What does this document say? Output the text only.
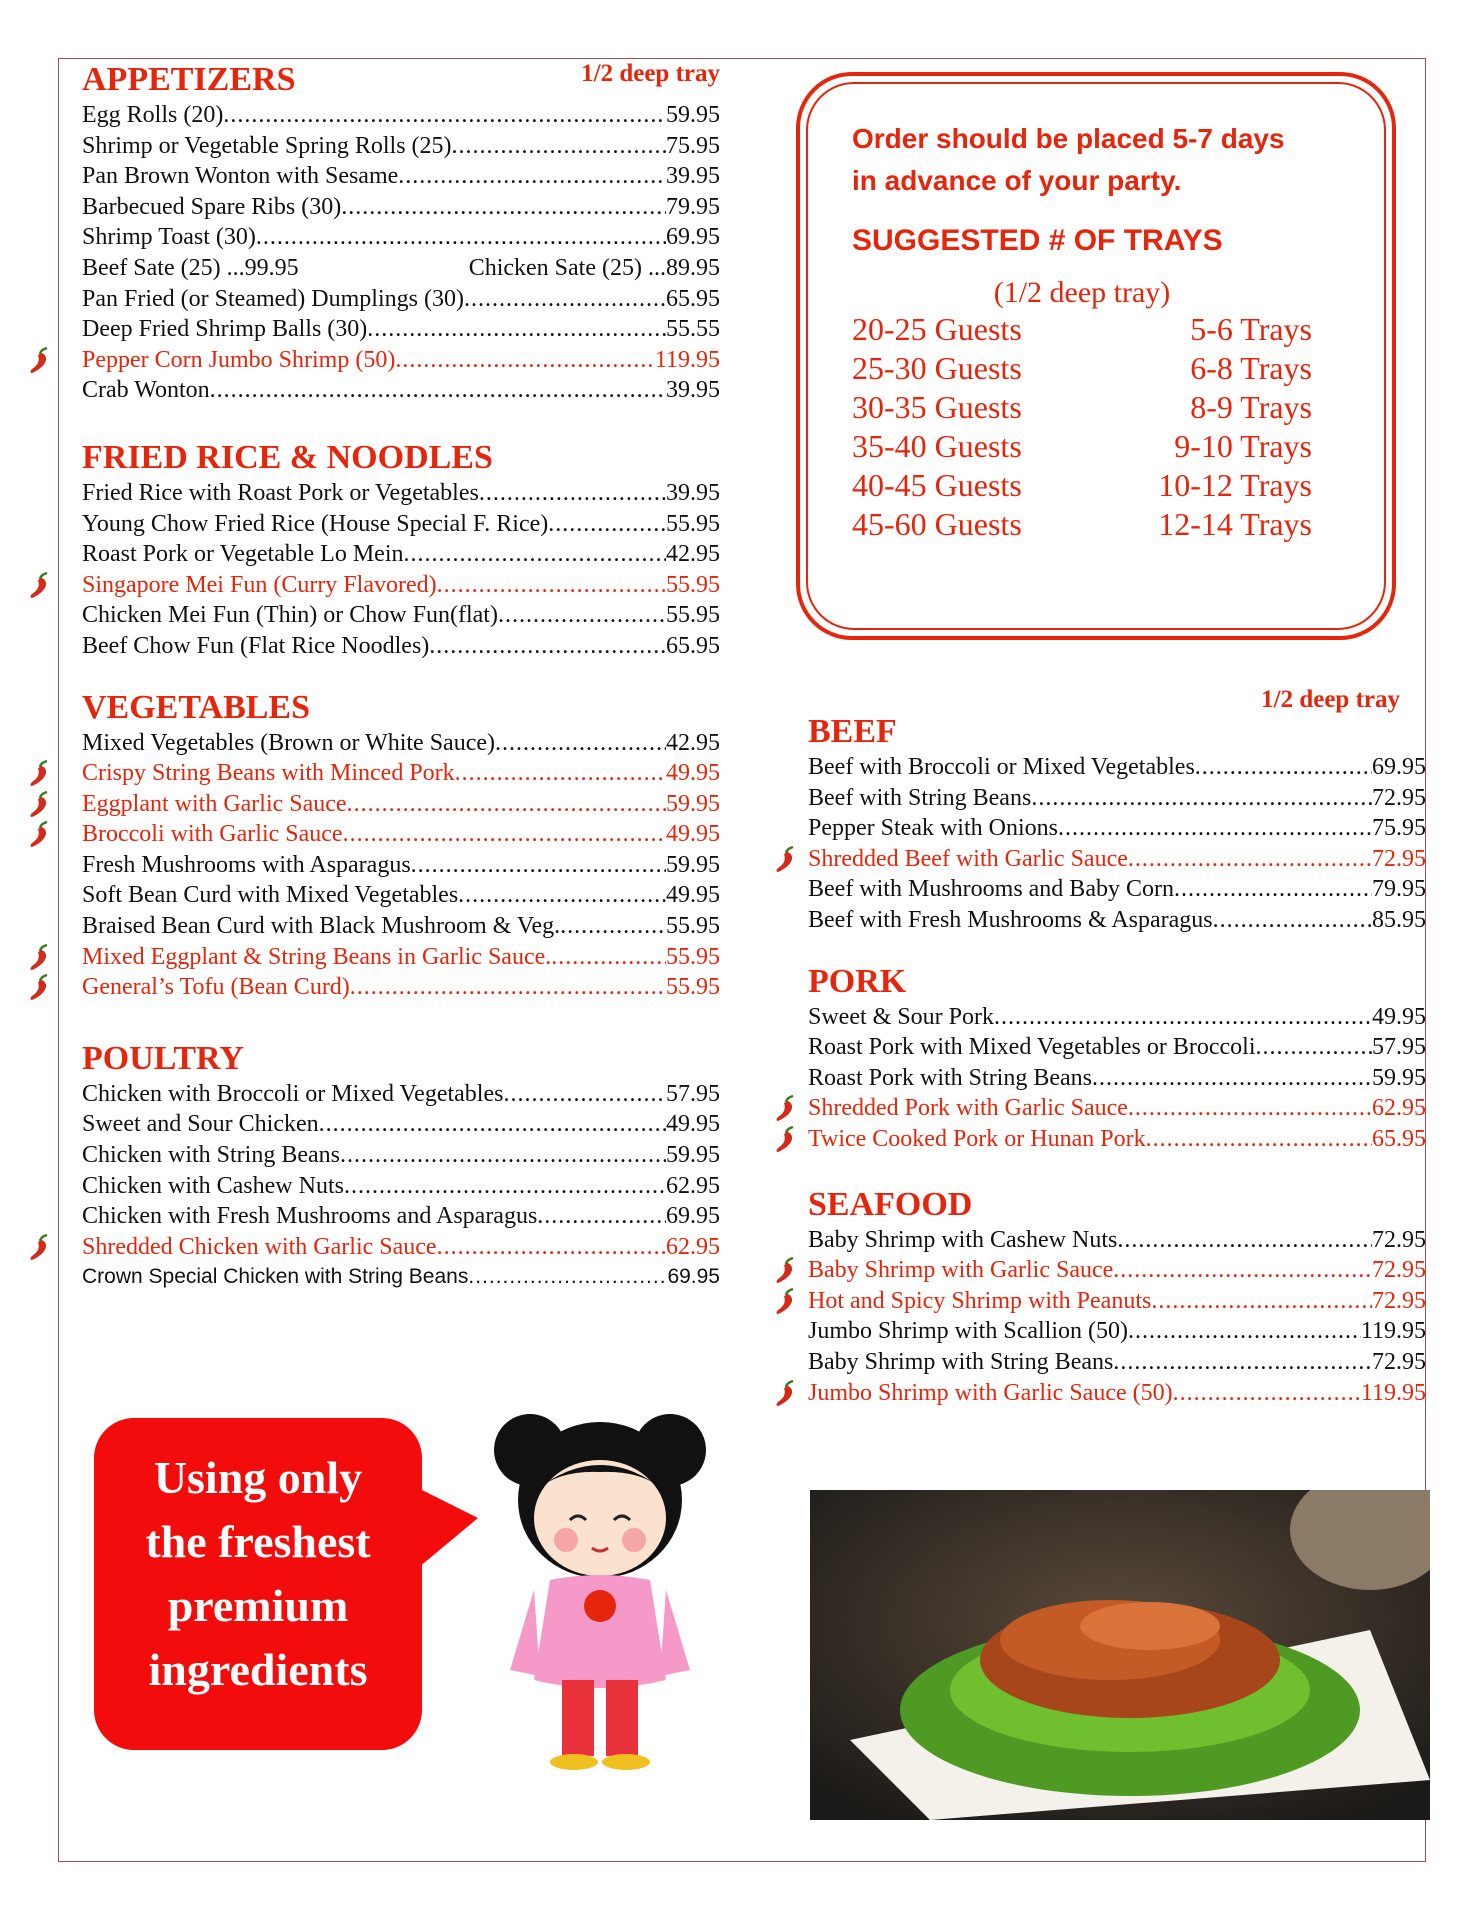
APPETIZERS	1/2 deep tray
Egg Rolls (20) .....	59.95
Shrimp or Vegetable Spring Rolls (25) .....	75.95
Pan Brown Wonton with Sesame .....	39.95
Barbecued Spare Ribs (30) .....	79.95
Shrimp Toast (30) .....	69.95
Beef Sate (25) ...99.95	Chicken Sate (25) ...89.95
Pan Fried (or Steamed) Dumplings (30) .....	65.95
Deep Fried Shrimp Balls (30) .....	55.55
Pepper Corn Jumbo Shrimp (50) .....	119.95
Crab Wonton .....	39.95
FRIED RICE & NOODLES
Fried Rice with Roast Pork or Vegetables .....	39.95
Young Chow Fried Rice (House Special F. Rice) .....	55.95
Roast Pork or Vegetable Lo Mein .....	42.95
Singapore Mei Fun (Curry Flavored) .....	55.95
Chicken Mei Fun (Thin) or Chow Fun(flat) .....	55.95
Beef Chow Fun (Flat Rice Noodles) .....	65.95
VEGETABLES
Mixed Vegetables (Brown or White Sauce) .....	42.95
Crispy String Beans with Minced Pork .....	49.95
Eggplant with Garlic Sauce .....	59.95
Broccoli with Garlic Sauce .....	49.95
Fresh Mushrooms with Asparagus .....	59.95
Soft Bean Curd with Mixed Vegetables .....	49.95
Braised Bean Curd with Black Mushroom & Veg. .....	55.95
Mixed Eggplant & String Beans in Garlic Sauce. .....	55.95
General’s Tofu (Bean Curd) .....	55.95
POULTRY
Chicken with Broccoli or Mixed Vegetables .....	57.95
Sweet and Sour Chicken .....	49.95
Chicken with String Beans .....	59.95
Chicken with Cashew Nuts .....	62.95
Chicken with Fresh Mushrooms and Asparagus .....	69.95
Shredded Chicken with Garlic Sauce .....	62.95
Crown Special Chicken with String Beans .....	69.95
Order should be placed 5-7 days
in advance of your party.
SUGGESTED # OF TRAYS
(1/2 deep tray)
20-25 Guests	5-6 Trays
25-30 Guests	6-8 Trays
30-35 Guests	8-9 Trays
35-40 Guests	9-10 Trays
40-45 Guests	10-12 Trays
45-60 Guests	12-14 Trays
1/2 deep tray
BEEF
Beef with Broccoli or Mixed Vegetables .....	69.95
Beef with String Beans .....	72.95
Pepper Steak with Onions .....	75.95
Shredded Beef with Garlic Sauce .....	72.95
Beef with Mushrooms and Baby Corn .....	79.95
Beef with Fresh Mushrooms & Asparagus .....	85.95
PORK
Sweet & Sour Pork .....	49.95
Roast Pork with Mixed Vegetables or Broccoli .....	57.95
Roast Pork with String Beans .....	59.95
Shredded Pork with Garlic Sauce .....	62.95
Twice Cooked Pork or Hunan Pork .....	65.95
SEAFOOD
Baby Shrimp with Cashew Nuts .....	72.95
Baby Shrimp with Garlic Sauce .....	72.95
Hot and Spicy Shrimp with Peanuts .....	72.95
Jumbo Shrimp with Scallion (50) .....	119.95
Baby Shrimp with String Beans .....	72.95
Jumbo Shrimp with Garlic Sauce (50) .....	119.95
Using only
the freshest
premium
ingredients
